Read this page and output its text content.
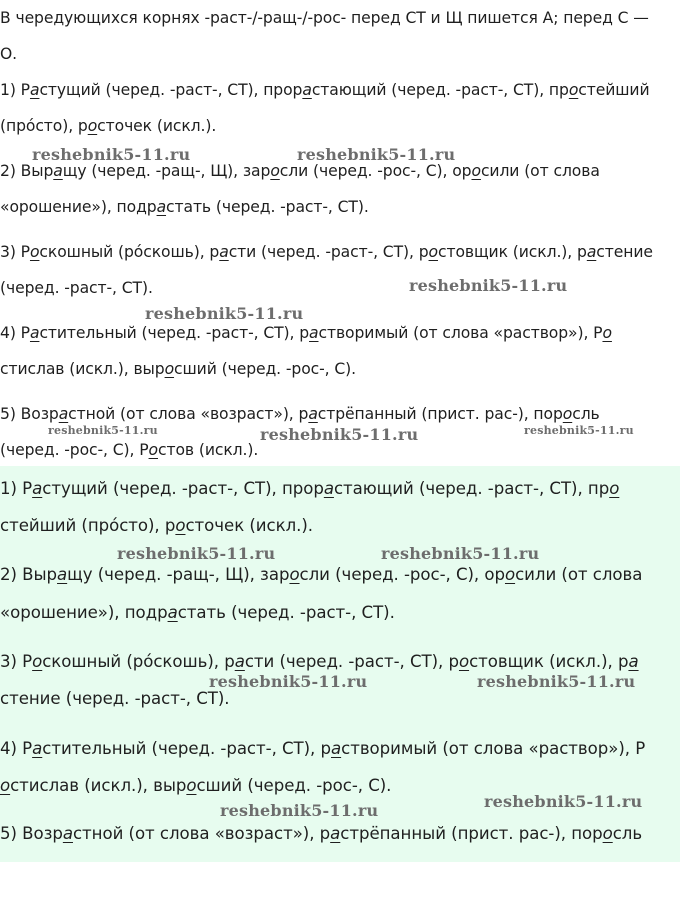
В чередующихся корнях -раст-/-ращ-/-рос- перед СТ и Щ пишется А; перед С —
О.
1) Растущий (черед. -раст-, СТ), прорастающий (черед. -раст-, СТ), простейший
(прóсто), росточек (искл.).
2) Выращу (черед. -ращ-, Щ), заросли (черед. -рос-, С), оросили (от слова
«орошение»), подрастать (черед. -раст-, СТ).
3) Роскошный (рóскошь), расти (черед. -раст-, СТ), ростовщик (искл.), растение
(черед. -раст-, СТ).
4) Растительный (черед. -раст-, СТ), растворимый (от слова «раствор»), Ро
стислав (искл.), выросший (черед. -рос-, С).
5) Возрастной (от слова «возраст»), растрёпанный (прист. рас-), поросль
(черед. -рос-, С), Ростов (искл.).
1) Растущий (черед. -раст-, СТ), прорастающий (черед. -раст-, СТ), про
стейший (прóсто), росточек (искл.).
2) Выращу (черед. -ращ-, Щ), заросли (черед. -рос-, С), оросили (от слова
«орошение»), подрастать (черед. -раст-, СТ).
3) Роскошный (рóскошь), расти (черед. -раст-, СТ), ростовщик (искл.), ра
стение (черед. -раст-, СТ).
4) Растительный (черед. -раст-, СТ), растворимый (от слова «раствор»), Р
остислав (искл.), выросший (черед. -рос-, С).
5) Возрастной (от слова «возраст»), растрёпанный (прист. рас-), поросль
reshebnik5-11.ru	reshebnik5-11.ru
reshebnik5-11.ru
reshebnik5-11.ru
reshebnik5-11.ru	reshebnik5-11.ru	reshebnik5-11.ru
reshebnik5-11.ru	reshebnik5-11.ru
reshebnik5-11.ru	reshebnik5-11.ru
reshebnik5-11.ru
reshebnik5-11.ru
